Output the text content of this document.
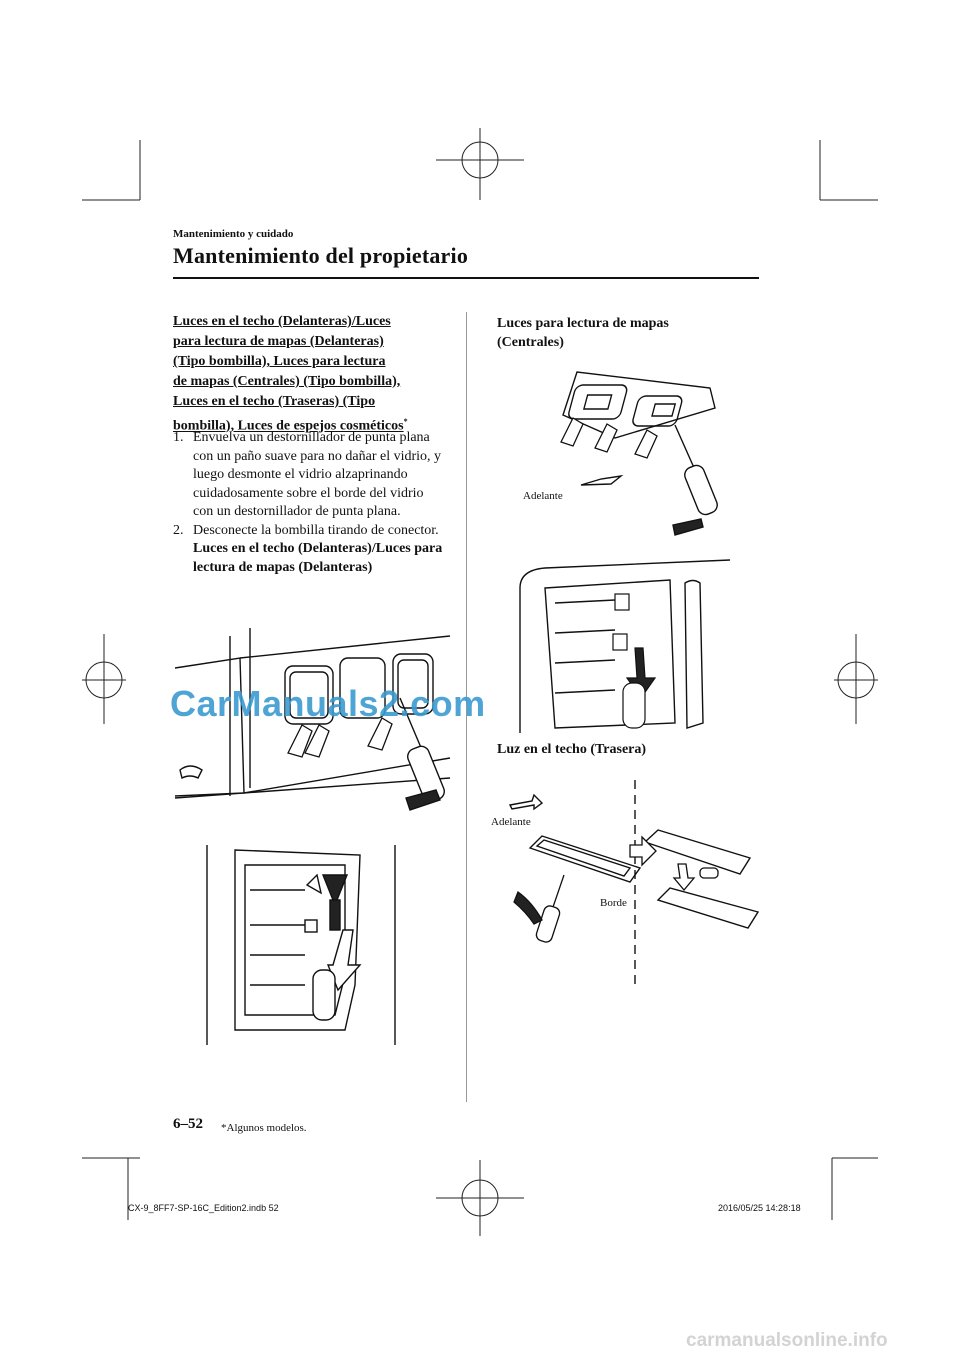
Mantenimiento y cuidado
Mantenimiento del propietario
Luces en el techo (Delanteras)/Luces
para lectura de mapas (Delanteras)
(Tipo bombilla), Luces para lectura
de mapas (Centrales) (Tipo bombilla),
Luces en el techo (Traseras) (Tipo
bombilla), Luces de espejos cosméticos*

1. Envuelva un destornillador de punta plana con un paño suave para no dañar el vidrio, y luego desmonte el vidrio alzaprinando cuidadosamente sobre el borde del vidrio con un destornillador de punta plana.

2. Desconecte la bombilla tirando de conector.
Luces en el techo (Delanteras)/Luces para lectura de mapas (Delanteras)

Luces para lectura de mapas
(Centrales)
Adelante
Luz en el techo (Trasera)
Adelante
Borde
CarManuals2.com
carmanualsonline.info
6–52 *Algunos modelos.
CX-9_8FF7-SP-16C_Edition2.indb 52	2016/05/25 14:28:18
